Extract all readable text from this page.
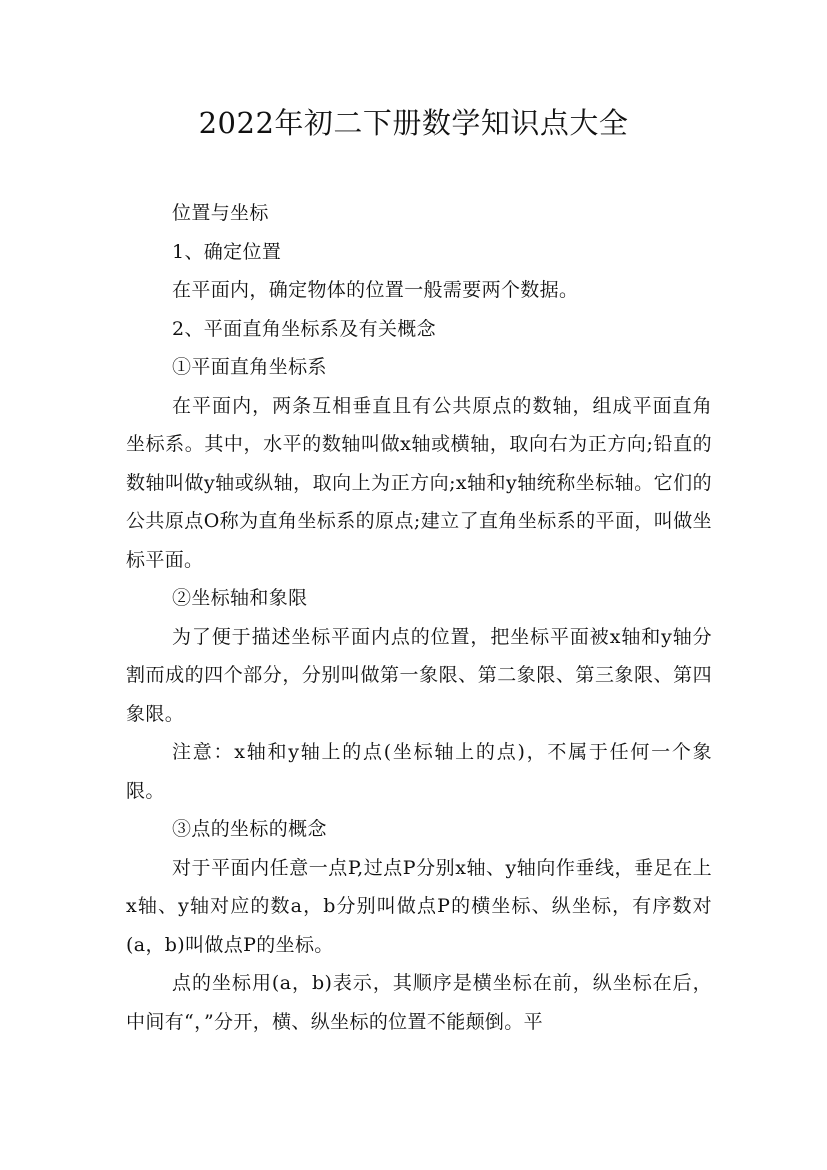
2022年初二下册数学知识点大全

位置与坐标

1、确定位置

在平面内，确定物体的位置一般需要两个数据。

2、平面直角坐标系及有关概念

①平面直角坐标系

在平面内，两条互相垂直且有公共原点的数轴，组成平面直角坐标系。其中，水平的数轴叫做x轴或横轴，取向右为正方向;铅直的数轴叫做y轴或纵轴，取向上为正方向;x轴和y轴统称坐标轴。它们的公共原点O称为直角坐标系的原点;建立了直角坐标系的平面，叫做坐标平面。

②坐标轴和象限

为了便于描述坐标平面内点的位置，把坐标平面被x轴和y轴分割而成的四个部分，分别叫做第一象限、第二象限、第三象限、第四象限。

注意：x轴和y轴上的点(坐标轴上的点)，不属于任何一个象限。

③点的坐标的概念

对于平面内任意一点P,过点P分别x轴、y轴向作垂线，垂足在上x轴、y轴对应的数a，b分别叫做点P的横坐标、纵坐标，有序数对(a，b)叫做点P的坐标。

点的坐标用(a，b)表示，其顺序是横坐标在前，纵坐标在后，中间有“，”分开，横、纵坐标的位置不能颠倒。平
